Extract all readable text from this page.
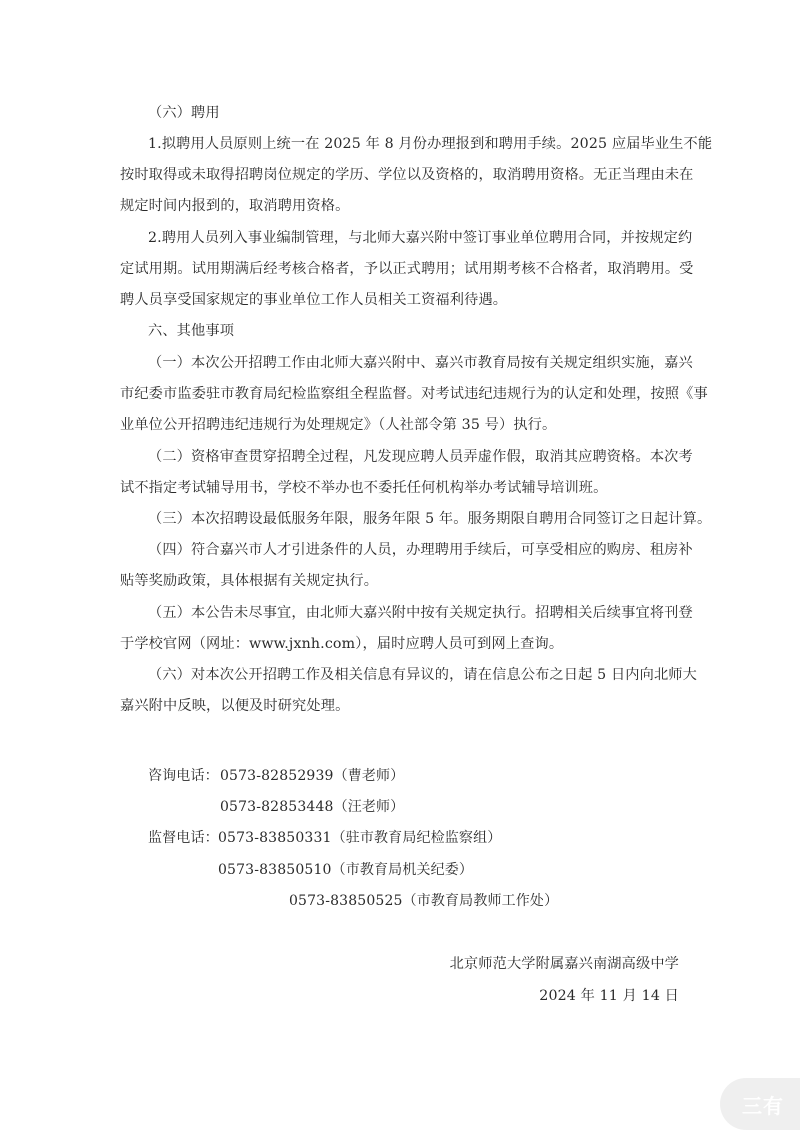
（六）聘用
1.拟聘用人员原则上统一在 2025 年 8 月份办理报到和聘用手续。2025 应届毕业生不能
按时取得或未取得招聘岗位规定的学历、学位以及资格的，取消聘用资格。无正当理由未在
规定时间内报到的，取消聘用资格。
2.聘用人员列入事业编制管理，与北师大嘉兴附中签订事业单位聘用合同，并按规定约
定试用期。试用期满后经考核合格者，予以正式聘用；试用期考核不合格者，取消聘用。受
聘人员享受国家规定的事业单位工作人员相关工资福利待遇。
六、其他事项
（一）本次公开招聘工作由北师大嘉兴附中、嘉兴市教育局按有关规定组织实施，嘉兴
市纪委市监委驻市教育局纪检监察组全程监督。对考试违纪违规行为的认定和处理，按照《事
业单位公开招聘违纪违规行为处理规定》（人社部令第 35 号）执行。
（二）资格审查贯穿招聘全过程，凡发现应聘人员弄虚作假，取消其应聘资格。本次考
试不指定考试辅导用书，学校不举办也不委托任何机构举办考试辅导培训班。
（三）本次招聘设最低服务年限，服务年限 5 年。服务期限自聘用合同签订之日起计算。
（四）符合嘉兴市人才引进条件的人员，办理聘用手续后，可享受相应的购房、租房补
贴等奖励政策，具体根据有关规定执行。
（五）本公告未尽事宜，由北师大嘉兴附中按有关规定执行。招聘相关后续事宜将刊登
于学校官网（网址：www.jxnh.com），届时应聘人员可到网上查询。
（六）对本次公开招聘工作及相关信息有异议的，请在信息公布之日起 5 日内向北师大
嘉兴附中反映，以便及时研究处理。
咨询电话： 0573-82852939（曹老师）
0573-82853448（汪老师）
监督电话： 0573-83850331（驻市教育局纪检监察组）
0573-83850510（市教育局机关纪委）
0573-83850525（市教育局教师工作处）
北京师范大学附属嘉兴南湖高级中学
2024 年 11 月 14 日
三有
